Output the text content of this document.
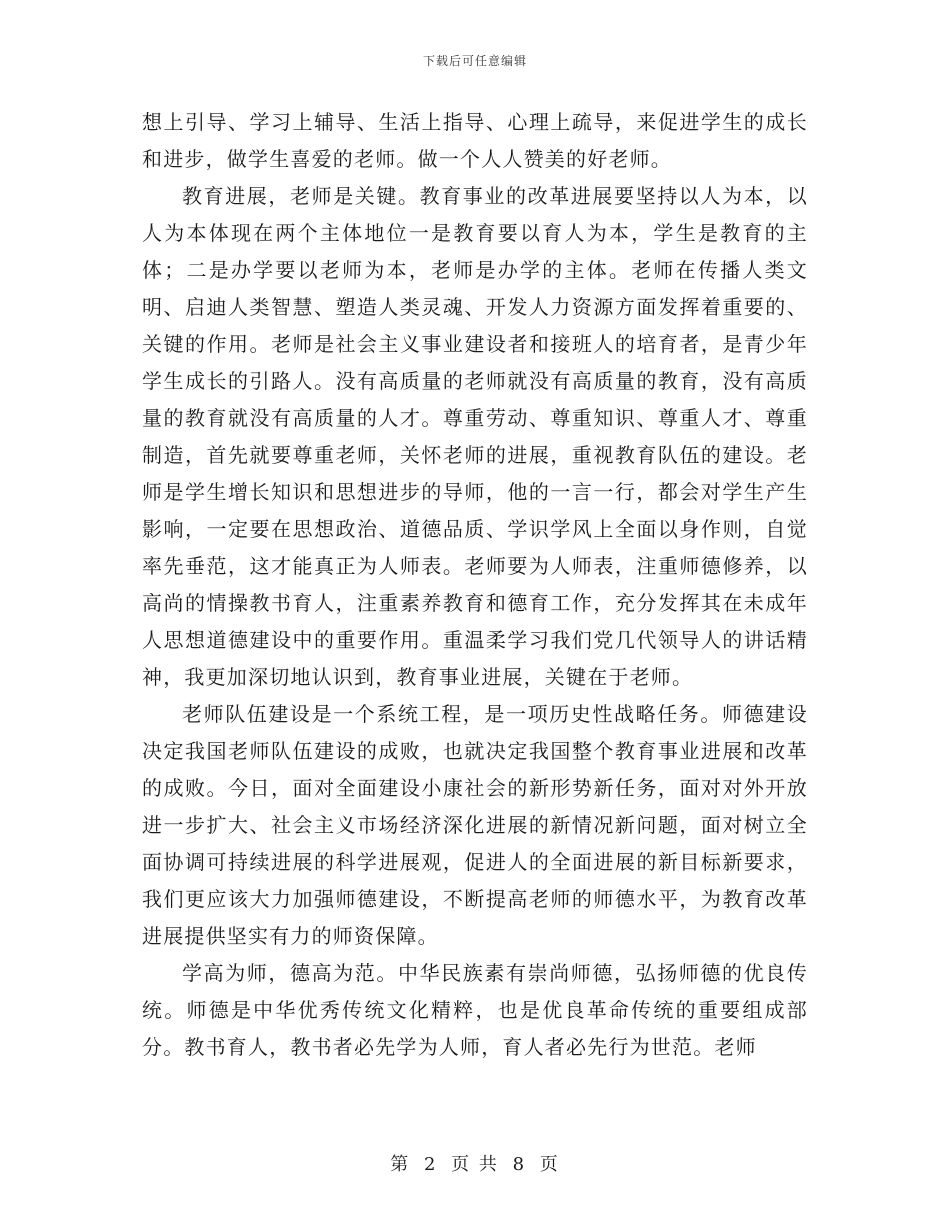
下载后可任意编辑

想上引导、学习上辅导、生活上指导、心理上疏导，来促进学生的成长和进步，做学生喜爱的老师。做一个人人赞美的好老师。

教育进展，老师是关键。教育事业的改革进展要坚持以人为本，以人为本体现在两个主体地位一是教育要以育人为本，学生是教育的主体；二是办学要以老师为本，老师是办学的主体。老师在传播人类文明、启迪人类智慧、塑造人类灵魂、开发人力资源方面发挥着重要的、关键的作用。老师是社会主义事业建设者和接班人的培育者，是青少年学生成长的引路人。没有高质量的老师就没有高质量的教育，没有高质量的教育就没有高质量的人才。尊重劳动、尊重知识、尊重人才、尊重制造，首先就要尊重老师，关怀老师的进展，重视教育队伍的建设。老师是学生增长知识和思想进步的导师，他的一言一行，都会对学生产生影响，一定要在思想政治、道德品质、学识学风上全面以身作则，自觉率先垂范，这才能真正为人师表。老师要为人师表，注重师德修养，以高尚的情操教书育人，注重素养教育和德育工作，充分发挥其在未成年人思想道德建设中的重要作用。重温柔学习我们党几代领导人的讲话精神，我更加深切地认识到，教育事业进展，关键在于老师。

老师队伍建设是一个系统工程，是一项历史性战略任务。师德建设决定我国老师队伍建设的成败，也就决定我国整个教育事业进展和改革的成败。今日，面对全面建设小康社会的新形势新任务，面对对外开放进一步扩大、社会主义市场经济深化进展的新情况新问题，面对树立全面协调可持续进展的科学进展观，促进人的全面进展的新目标新要求，我们更应该大力加强师德建设，不断提高老师的师德水平，为教育改革进展提供坚实有力的师资保障。

学高为师，德高为范。中华民族素有崇尚师德，弘扬师德的优良传统。师德是中华优秀传统文化精粹，也是优良革命传统的重要组成部分。教书育人，教书者必先学为人师，育人者必先行为世范。老师

第 2 页 共 8 页
